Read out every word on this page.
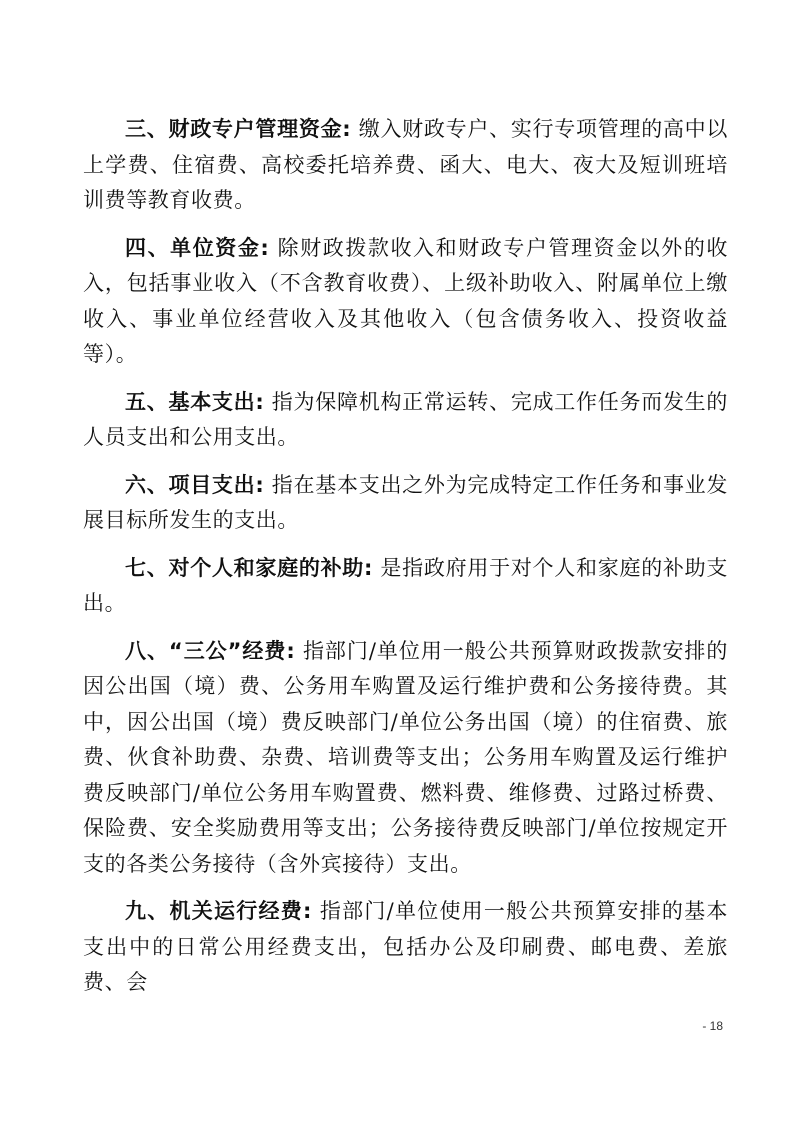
三、财政专户管理资金: 缴入财政专户、实行专项管理的高中以上学费、住宿费、高校委托培养费、函大、电大、夜大及短训班培训费等教育收费。

四、单位资金: 除财政拨款收入和财政专户管理资金以外的收入，包括事业收入（不含教育收费）、上级补助收入、附属单位上缴收入、事业单位经营收入及其他收入（包含债务收入、投资收益等）。

五、基本支出: 指为保障机构正常运转、完成工作任务而发生的人员支出和公用支出。

六、项目支出: 指在基本支出之外为完成特定工作任务和事业发展目标所发生的支出。

七、对个人和家庭的补助: 是指政府用于对个人和家庭的补助支出。

八、“三公”经费: 指部门/单位用一般公共预算财政拨款安排的因公出国（境）费、公务用车购置及运行维护费和公务接待费。其中，因公出国（境）费反映部门/单位公务出国（境）的住宿费、旅费、伙食补助费、杂费、培训费等支出；公务用车购置及运行维护费反映部门/单位公务用车购置费、燃料费、维修费、过路过桥费、保险费、安全奖励费用等支出；公务接待费反映部门/单位按规定开支的各类公务接待（含外宾接待）支出。

九、机关运行经费: 指部门/单位使用一般公共预算安排的基本支出中的日常公用经费支出，包括办公及印刷费、邮电费、差旅费、会

- 18
